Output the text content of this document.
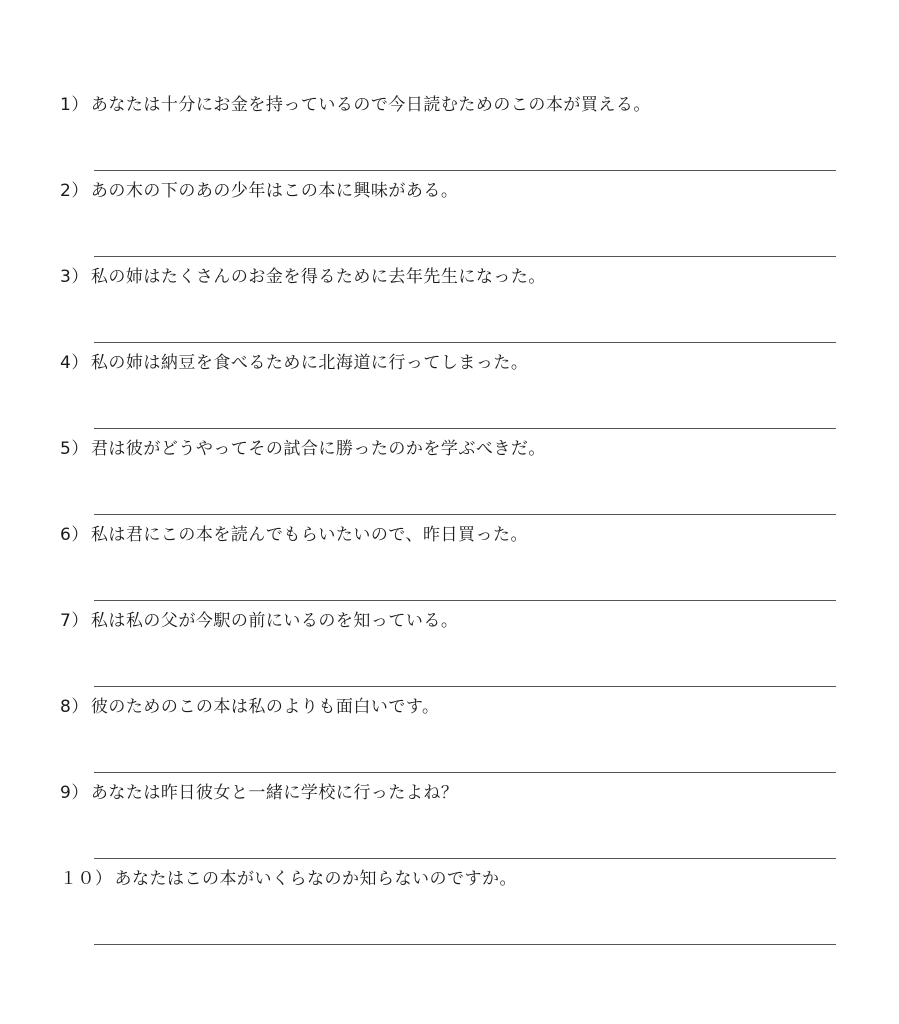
1） あなたは十分にお金を持っているので今日読むためのこの本が買える。
2） あの木の下のあの少年はこの本に興味がある。
3） 私の姉はたくさんのお金を得るために去年先生になった。
4） 私の姉は納豆を食べるために北海道に行ってしまった。
5） 君は彼がどうやってその試合に勝ったのかを学ぶべきだ。
6） 私は君にこの本を読んでもらいたいので、昨日買った。
7） 私は私の父が今駅の前にいるのを知っている。
8） 彼のためのこの本は私のよりも面白いです。
9） あなたは昨日彼女と一緒に学校に行ったよね？
１０） あなたはこの本がいくらなのか知らないのですか。
